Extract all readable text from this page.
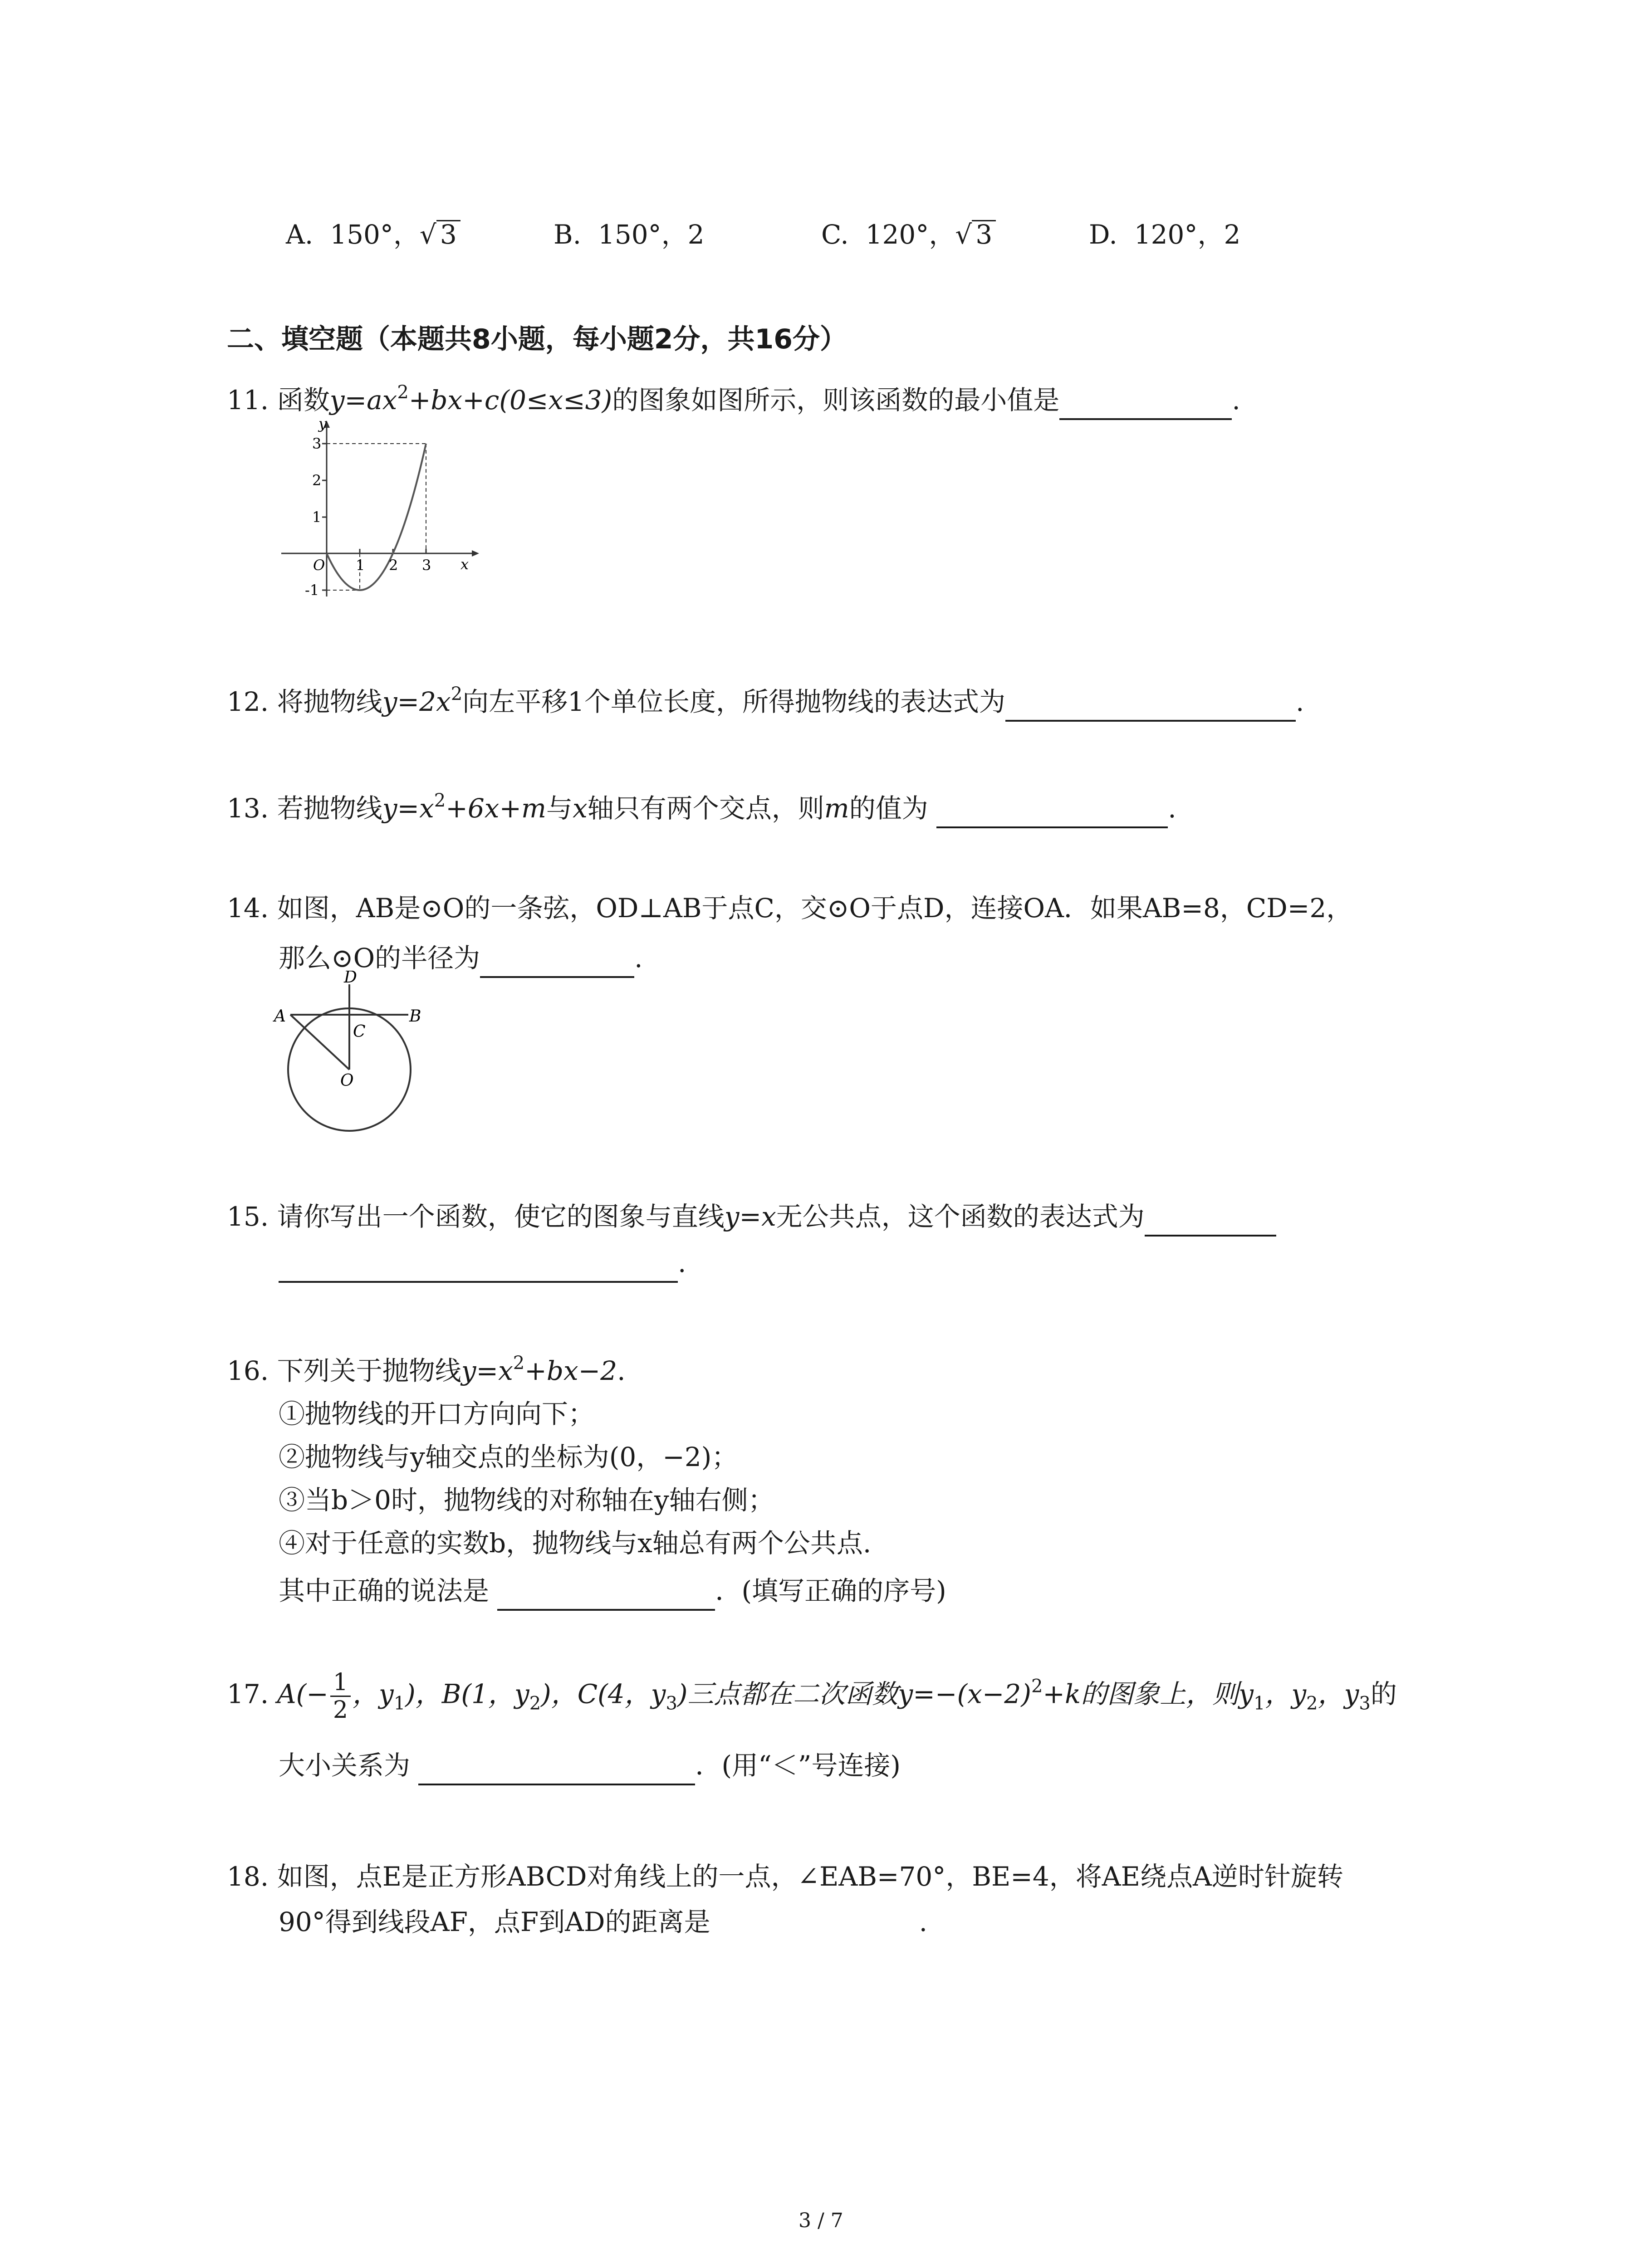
A. 150°，√ 3	B. 150°，2	C. 120°，√ 3	D. 120°，2
二、填空题（本题共8小题，每小题2分，共16分）
11. 函数$y=ax^2+bx+c(0\le x\le 3)$的图象如图所示，则该函数的最小值是	.
y
x
O
3
2
1
-1
1 2 3
12. 将抛物线$y=2x^2$向左平移1个单位长度，所得抛物线的表达式为	.
13. 若抛物线$y=x^2+6x+m$与x轴只有两个交点，则m的值为	.
14. 如图，AB是⊙O的一条弦，OD⊥AB于点C，交⊙O于点D，连接OA．如果AB=8，CD=2，
那么⊙O的半径为	.
D
A	B
C
O
15. 请你写出一个函数，使它的图象与直线y=x无公共点，这个函数的表达式为
.
16. 下列关于抛物线$y=x^2+bx-2$.
①抛物线的开口方向向下；
②抛物线与y轴交点的坐标为(0，−2)；
③当b＞0时，抛物线的对称轴在y轴右侧；
④对于任意的实数b，抛物线与x轴总有两个公共点.
其中正确的说法是	．(填写正确的序号)
17. $A(- \frac{1}{2}$ ，$y_1$)，B(1，$y_2$)，C(4，$y_3$)三点都在二次函数$y=-(x-2)^2+k$的图象上，则$y_1$，$y_2$，$y_3$的
大小关系为	．(用“＜”号连接)
18. 如图，点E是正方形ABCD对角线上的一点，∠EAB=70°，BE=4，将AE绕点A逆时针旋转
90°得到线段AF，点F到AD的距离是	.
3 / 7
